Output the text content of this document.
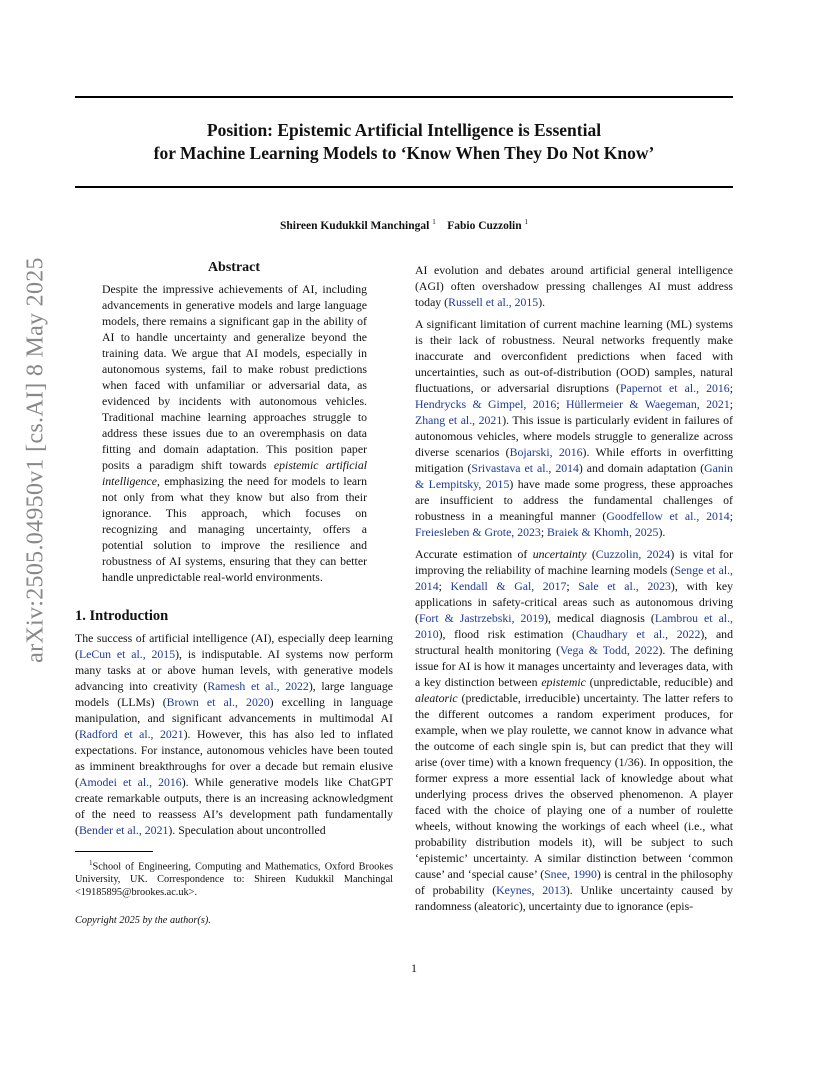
Position: Epistemic Artificial Intelligence is Essential
for Machine Learning Models to ‘Know When They Do Not Know’
Shireen Kudukkil Manchingal $^1$ Fabio Cuzzolin $^1$
arXiv:2505.04950v1 [cs.AI] 8 May 2025	Abstract
Despite the impressive achievements of AI, including advancements in generative models and large language models, there remains a significant gap in the ability of AI to handle uncertainty and generalize beyond the training data. We argue that AI models, especially in autonomous systems, fail to make robust predictions when faced with unfamiliar or adversarial data, as evidenced by incidents with autonomous vehicles. Traditional machine learning approaches struggle to address these issues due to an overemphasis on data fitting and domain adaptation. This position paper posits a paradigm shift towards epistemic artificial intelligence, emphasizing the need for models to learn not only from what they know but also from their ignorance. This approach, which focuses on recognizing and managing uncertainty, offers a potential solution to improve the resilience and robustness of AI systems, ensuring that they can better handle unpredictable real-world environments.
1. Introduction
The success of artificial intelligence (AI), especially deep learning (LeCun et al., 2015), is indisputable. AI systems now perform many tasks at or above human levels, with generative models advancing into creativity (Ramesh et al., 2022), large language models (LLMs) (Brown et al., 2020) excelling in language manipulation, and significant advancements in multimodal AI (Radford et al., 2021). However, this has also led to inflated expectations. For instance, autonomous vehicles have been touted as imminent breakthroughs for over a decade but remain elusive (Amodei et al., 2016). While generative models like ChatGPT create remarkable outputs, there is an increasing acknowledgment of the need to reassess AI’s development path fundamentally (Bender et al., 2021). Speculation about uncontrolled
$^1$School of Engineering, Computing and Mathematics, Oxford Brookes University, UK. Correspondence to: Shireen Kudukkil Manchingal <19185895@brookes.ac.uk>.
Copyright 2025 by the author(s).
AI evolution and debates around artificial general intelligence (AGI) often overshadow pressing challenges AI must address today (Russell et al., 2015).
A significant limitation of current machine learning (ML) systems is their lack of robustness. Neural networks frequently make inaccurate and overconfident predictions when faced with uncertainties, such as out-of-distribution (OOD) samples, natural fluctuations, or adversarial disruptions (Papernot et al., 2016; Hendrycks & Gimpel, 2016; Hüllermeier & Waegeman, 2021; Zhang et al., 2021). This issue is particularly evident in failures of autonomous vehicles, where models struggle to generalize across diverse scenarios (Bojarski, 2016). While efforts in overfitting mitigation (Srivastava et al., 2014) and domain adaptation (Ganin & Lempitsky, 2015) have made some progress, these approaches are insufficient to address the fundamental challenges of robustness in a meaningful manner (Goodfellow et al., 2014; Freiesleben & Grote, 2023; Braiek & Khomh, 2025).
Accurate estimation of uncertainty (Cuzzolin, 2024) is vital for improving the reliability of machine learning models (Senge et al., 2014; Kendall & Gal, 2017; Sale et al., 2023), with key applications in safety-critical areas such as autonomous driving (Fort & Jastrzebski, 2019), medical diagnosis (Lambrou et al., 2010), flood risk estimation (Chaudhary et al., 2022), and structural health monitoring (Vega & Todd, 2022). The defining issue for AI is how it manages uncertainty and leverages data, with a key distinction between epistemic (unpredictable, reducible) and aleatoric (predictable, irreducible) uncertainty. The latter refers to the different outcomes a random experiment produces, for example, when we play roulette, we cannot know in advance what the outcome of each single spin is, but can predict that they will arise (over time) with a known frequency (1/36). In opposition, the former express a more essential lack of knowledge about what underlying process drives the observed phenomenon. A player faced with the choice of playing one of a number of roulette wheels, without knowing the workings of each wheel (i.e., what probability distribution models it), will be subject to such ‘epistemic’ uncertainty. A similar distinction between ‘common cause’ and ‘special cause’ (Snee, 1990) is central in the philosophy of probability (Keynes, 2013). Unlike uncertainty caused by randomness (aleatoric), uncertainty due to ignorance (epis-
1
